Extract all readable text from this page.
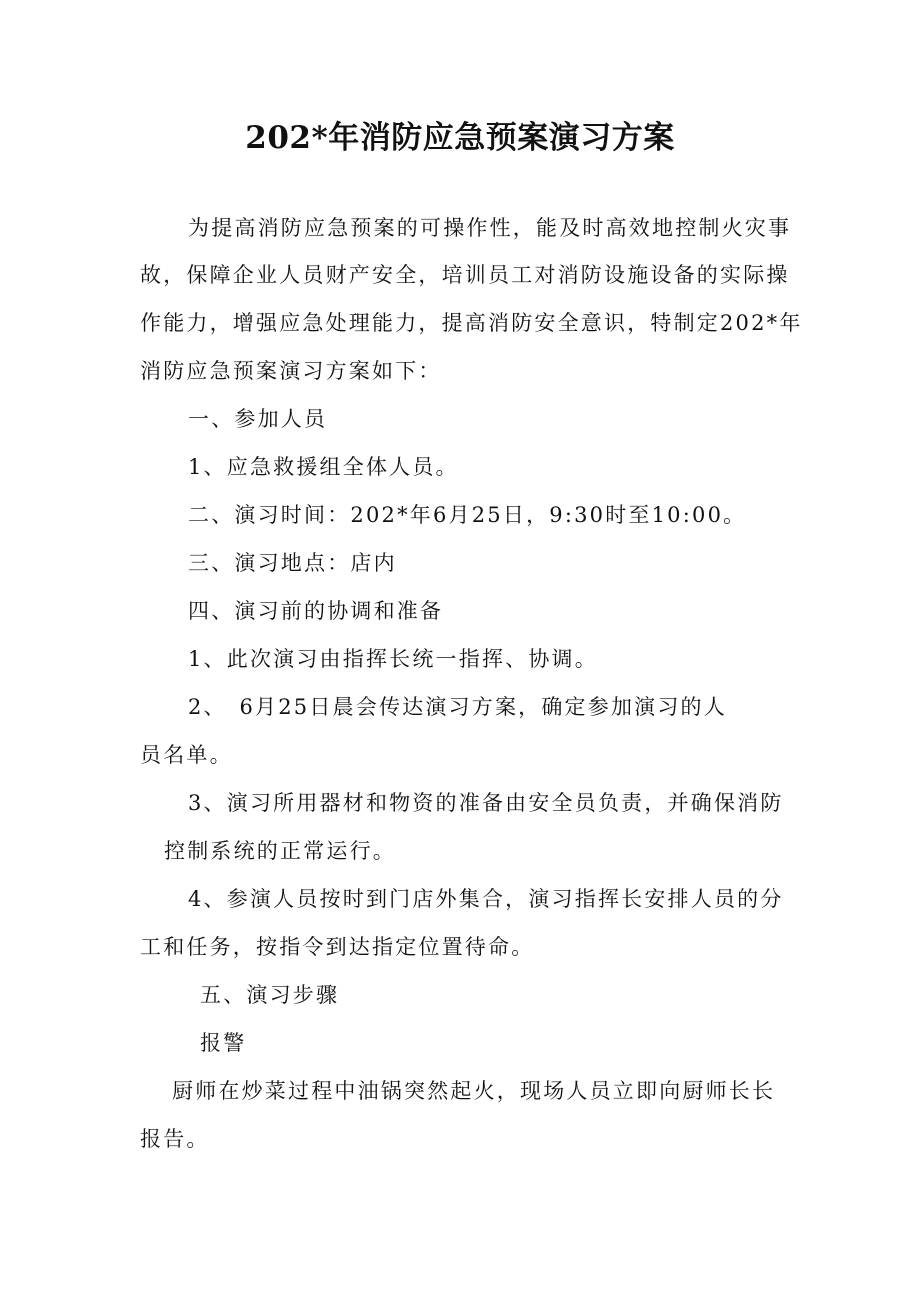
202*年消防应急预案演习方案
为提高消防应急预案的可操作性，能及时高效地控制火灾事
故，保障企业人员财产安全，培训员工对消防设施设备的实际操
作能力，增强应急处理能力，提高消防安全意识，特制定202*年
消防应急预案演习方案如下：
一、参加人员
1、应急救援组全体人员。
二、演习时间：202*年6月25日，9:30时至10:00。
三、演习地点：店内
四、演习前的协调和准备
1、此次演习由指挥长统一指挥、协调。
2、　6月25日晨会传达演习方案，确定参加演习的人
员名单。
3、演习所用器材和物资的准备由安全员负责，并确保消防
控制系统的正常运行。
4、参演人员按时到门店外集合，演习指挥长安排人员的分
工和任务，按指令到达指定位置待命。
五、演习步骤
报警
厨师在炒菜过程中油锅突然起火，现场人员立即向厨师长长
报告。
